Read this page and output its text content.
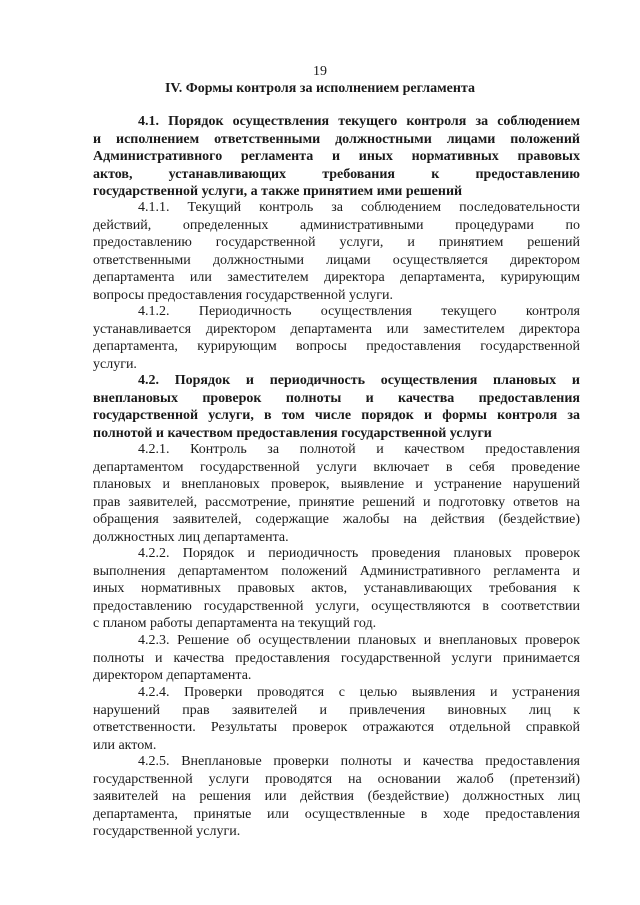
19
IV. Формы контроля за исполнением регламента
4.1. Порядок осуществления текущего контроля за соблюдением
и исполнением ответственными должностными лицами положений
Административного регламента и иных нормативных правовых
актов, устанавливающих требования к предоставлению
государственной услуги, а также принятием ими решений
4.1.1. Текущий контроль за соблюдением последовательности
действий, определенных административными процедурами по
предоставлению государственной услуги, и принятием решений
ответственными должностными лицами осуществляется директором
департамента или заместителем директора департамента, курирующим
вопросы предоставления государственной услуги.
4.1.2. Периодичность осуществления текущего контроля
устанавливается директором департамента или заместителем директора
департамента, курирующим вопросы предоставления государственной
услуги.
4.2. Порядок и периодичность осуществления плановых и
внеплановых проверок полноты и качества предоставления
государственной услуги, в том числе порядок и формы контроля за
полнотой и качеством предоставления государственной услуги
4.2.1. Контроль за полнотой и качеством предоставления
департаментом государственной услуги включает в себя проведение
плановых и внеплановых проверок, выявление и устранение нарушений
прав заявителей, рассмотрение, принятие решений и подготовку ответов на
обращения заявителей, содержащие жалобы на действия (бездействие)
должностных лиц департамента.
4.2.2. Порядок и периодичность проведения плановых проверок
выполнения департаментом положений Административного регламента и
иных нормативных правовых актов, устанавливающих требования к
предоставлению государственной услуги, осуществляются в соответствии
с планом работы департамента на текущий год.
4.2.3. Решение об осуществлении плановых и внеплановых проверок
полноты и качества предоставления государственной услуги принимается
директором департамента.
4.2.4. Проверки проводятся с целью выявления и устранения
нарушений прав заявителей и привлечения виновных лиц к
ответственности. Результаты проверок отражаются отдельной справкой
или актом.
4.2.5. Внеплановые проверки полноты и качества предоставления
государственной услуги проводятся на основании жалоб (претензий)
заявителей на решения или действия (бездействие) должностных лиц
департамента, принятые или осуществленные в ходе предоставления
государственной услуги.
